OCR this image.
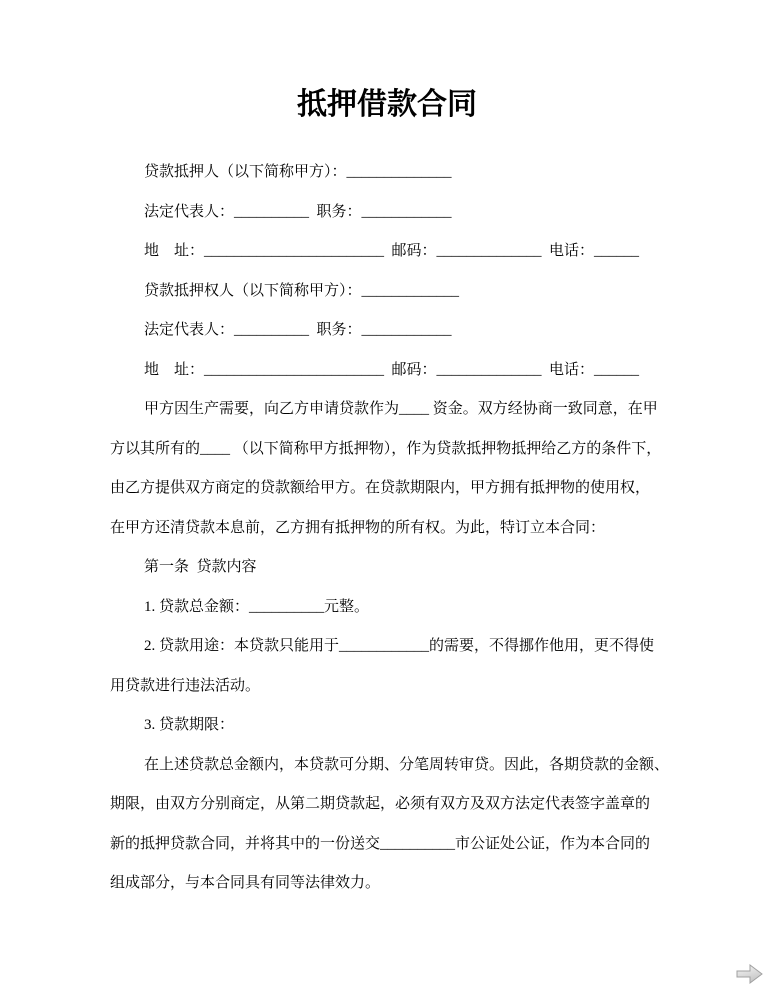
抵押借款合同
贷款抵押人（以下简称甲方）：______________
法定代表人：__________  职务：____________
地　址：________________________  邮码：______________  电话：______
贷款抵押权人（以下简称甲方）：_____________
法定代表人：__________  职务：____________
地　址：________________________  邮码：______________  电话：______
甲方因生产需要，向乙方申请贷款作为____ 资金。双方经协商一致同意，在甲
方以其所有的____ （以下简称甲方抵押物），作为贷款抵押物抵押给乙方的条件下，
由乙方提供双方商定的贷款额给甲方。在贷款期限内，甲方拥有抵押物的使用权，
在甲方还清贷款本息前，乙方拥有抵押物的所有权。为此，特订立本合同：
第一条  贷款内容
1. 贷款总金额：__________元整。
2. 贷款用途：本贷款只能用于____________的需要，不得挪作他用，更不得使
用贷款进行违法活动。
3. 贷款期限：
在上述贷款总金额内，本贷款可分期、分笔周转审贷。因此，各期贷款的金额、
期限，由双方分别商定，从第二期贷款起，必须有双方及双方法定代表签字盖章的
新的抵押贷款合同，并将其中的一份送交__________市公证处公证，作为本合同的
组成部分，与本合同具有同等法律效力。
